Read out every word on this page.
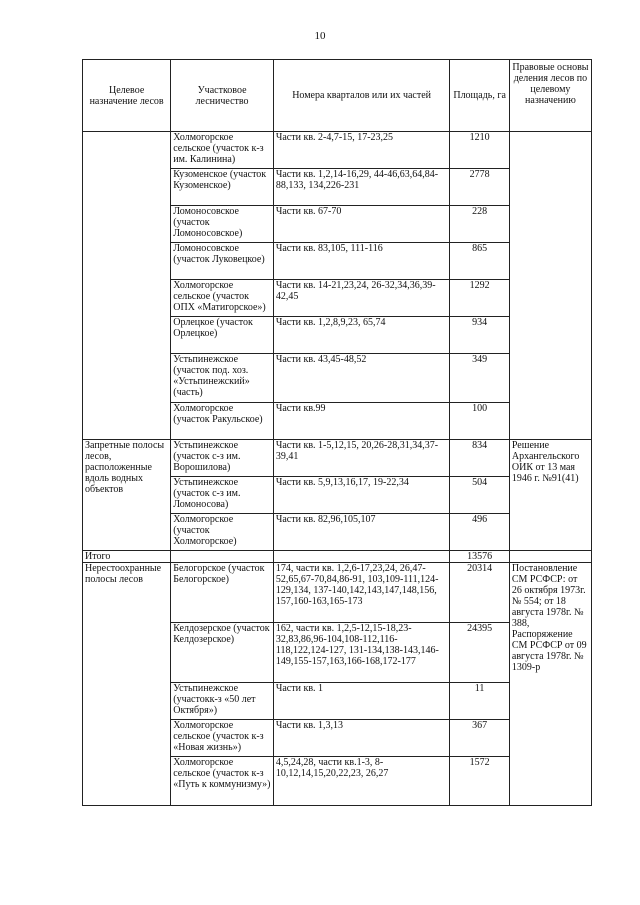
10
Целевое назначение лесов	Участковое лесничество	Номера кварталов или их частей	Площадь, га	Правовые основы деления лесов по целевому назначению
	Холмогорское сельское (участок к-з им. Калинина)	Части кв. 2-4,7-15, 17-23,25	1210	
	Кузоменское (участок Кузоменское)	Части кв. 1,2,14-16,29, 44-46,63,64,84-88,133, 134,226-231	2778	
	Ломоносовское (участок Ломоносовское)	Части кв. 67-70	228	
	Ломоносовское (участок Луковецкое)	Части кв. 83,105, 111-116	865	
	Холмогорское сельское (участок ОПХ «Матигорское»)	Части кв. 14-21,23,24, 26-32,34,36,39-42,45	1292	
	Орлецкое (участок Орлецкое)	Части кв. 1,2,8,9,23, 65,74	934	
	Устьпинежское (участок под. хоз. «Устьпинежский» (часть)	Части кв. 43,45-48,52	349	
	Холмогорское (участок Ракульское)	Части кв.99	100	
Запретные полосы лесов, расположенные вдоль водных объектов	Устьпинежское (участок с-з им. Ворошилова)	Части кв. 1-5,12,15, 20,26-28,31,34,37-39,41	834	Решение Архангельского ОИК от 13 мая 1946 г. №91(41)
	Устьпинежское (участок с-з им. Ломоносова)	Части кв. 5,9,13,16,17, 19-22,34	504	
	Холмогорское (участок Холмогорское)	Части кв. 82,96,105,107	496	
Итого			13576	
Нерестоохранные полосы лесов	Белогорское (участок Белогорское)	174, части кв. 1,2,6-17,23,24, 26,47-52,65,67-70,84,86-91, 103,109-111,124-129,134, 137-140,142,143,147,148,156, 157,160-163,165-173	20314	Постановление СМ РСФСР: от 26 октября 1973г. № 554; от 18 августа 1978г. № 388, Распоряжение СМ РСФСР от 09 августа 1978г. № 1309-р
	Келдозерское (участок Келдозерское)	162, части кв. 1,2,5-12,15-18,23-32,83,86,96-104,108-112,116-118,122,124-127, 131-134,138-143,146-149,155-157,163,166-168,172-177	24395	
	Устьпинежское (участокк-з «50 лет Октября»)	Части кв. 1	11	
	Холмогорское сельское (участок к-з «Новая жизнь»)	Части кв. 1,3,13	367	
	Холмогорское сельское (участок к-з «Путь к коммунизму»)	4,5,24,28, части кв.1-3, 8-10,12,14,15,20,22,23, 26,27	1572	
